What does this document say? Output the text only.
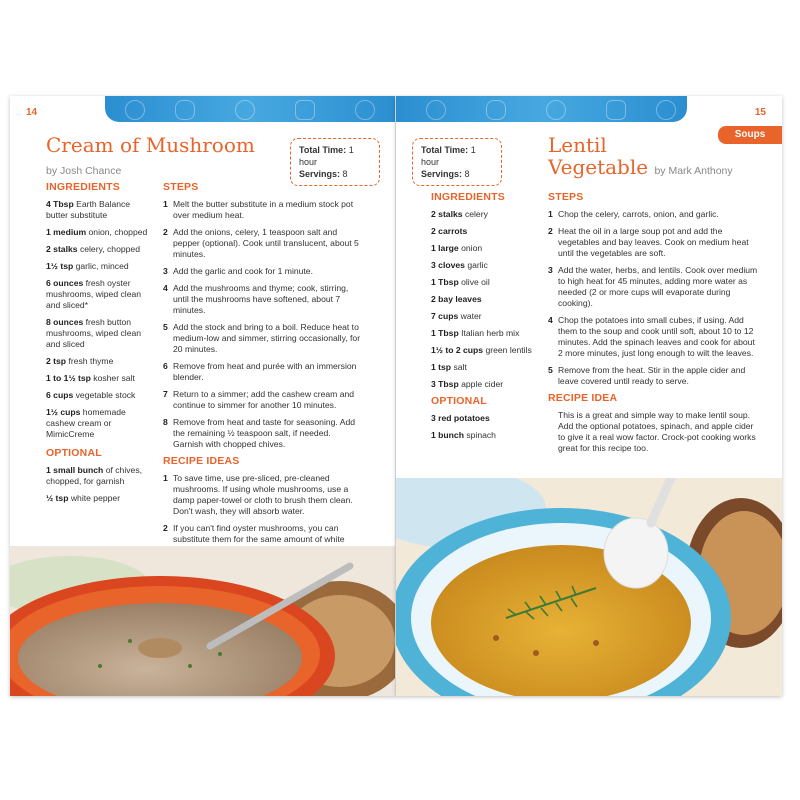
14
Cream of Mushroom
by Josh Chance
Total Time: 1 hour
Servings: 8
INGREDIENTS
4 Tbsp Earth Balance butter substitute
1 medium onion, chopped
2 stalks celery, chopped
1½ tsp garlic, minced
6 ounces fresh oyster mushrooms, wiped clean and sliced*
8 ounces fresh button mushrooms, wiped clean and sliced
2 tsp fresh thyme
1 to 1½ tsp kosher salt
6 cups vegetable stock
1½ cups homemade cashew cream or MimicCreme
OPTIONAL
1 small bunch of chives, chopped, for garnish
½ tsp white pepper
STEPS
1 Melt the butter substitute in a medium stock pot over medium heat.
2 Add the onions, celery, 1 teaspoon salt and pepper (optional). Cook until translucent, about 5 minutes.
3 Add the garlic and cook for 1 minute.
4 Add the mushrooms and thyme; cook, stirring, until the mushrooms have softened, about 7 minutes.
5 Add the stock and bring to a boil. Reduce heat to medium-low and simmer, stirring occasionally, for 20 minutes.
6 Remove from heat and purée with an immersion blender.
7 Return to a simmer; add the cashew cream and continue to simmer for another 10 minutes.
8 Remove from heat and taste for seasoning. Add the remaining ½ teaspoon salt, if needed. Garnish with chopped chives.
RECIPE IDEAS
1 To save time, use pre-sliced, pre-cleaned mushrooms. If using whole mushrooms, use a damp paper-towel or cloth to brush them clean. Don't wash, they will absorb water.
2 If you can't find oyster mushrooms, you can substitute them for the same amount of white
15
Soups
Total Time: 1 hour
Servings: 8
Lentil
Vegetable by Mark Anthony
INGREDIENTS
2 stalks celery
2 carrots
1 large onion
3 cloves garlic
1 Tbsp olive oil
2 bay leaves
7 cups water
1 Tbsp Italian herb mix
1½ to 2 cups green lentils
1 tsp salt
3 Tbsp apple cider
OPTIONAL
3 red potatoes
1 bunch spinach
STEPS
1 Chop the celery, carrots, onion, and garlic.
2 Heat the oil in a large soup pot and add the vegetables and bay leaves. Cook on medium heat until the vegetables are soft.
3 Add the water, herbs, and lentils. Cook over medium to high heat for 45 minutes, adding more water as needed (2 or more cups will evaporate during cooking).
4 Chop the potatoes into small cubes, if using. Add them to the soup and cook until soft, about 10 to 12 minutes. Add the spinach leaves and cook for about 2 more minutes, just long enough to wilt the leaves.
5 Remove from the heat. Stir in the apple cider and leave covered until ready to serve.
RECIPE IDEA

This is a great and simple way to make lentil soup. Add the optional potatoes, spinach, and apple cider to give it a real wow factor. Crock-pot cooking works great for this recipe too.
